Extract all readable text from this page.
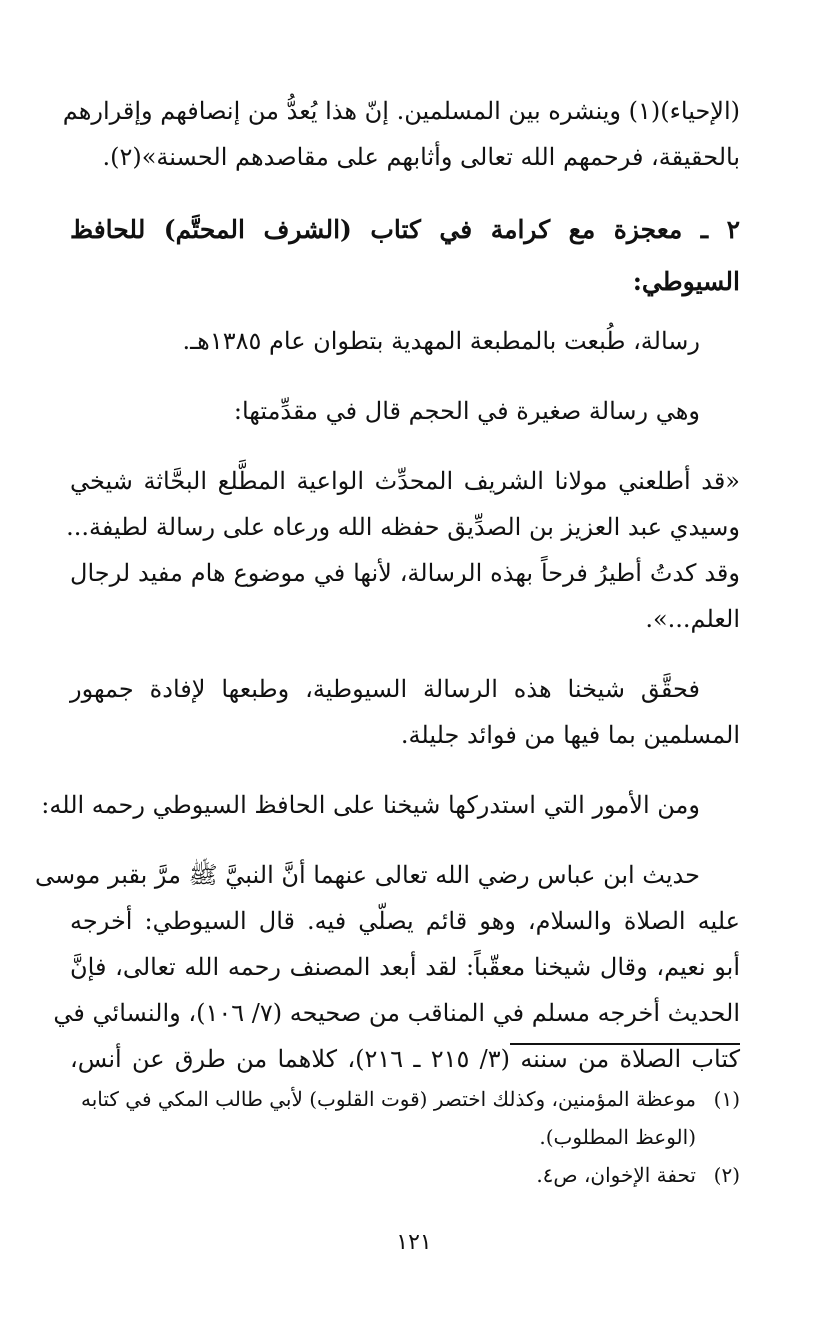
(الإحياء)(١) وينشره بين المسلمين. إنّ هذا يُعدُّ من إنصافهم وإقرارهم
بالحقيقة، فرحمهم الله تعالى وأثابهم على مقاصدهم الحسنة»(٢).
٢ ـ معجزة مع كرامة في كتاب (الشرف المحتَّم) للحافظ
السيوطي:
رسالة، طُبعت بالمطبعة المهدية بتطوان عام ١٣٨٥هـ.
وهي رسالة صغيرة في الحجم قال في مقدِّمتها:
«قد أطلعني مولانا الشريف المحدِّث الواعية المطَّلع البحَّاثة شيخي
وسيدي عبد العزيز بن الصدِّيق حفظه الله ورعاه على رسالة لطيفة...
وقد كدتُ أطيرُ فرحاً بهذه الرسالة، لأنها في موضوع هام مفيد لرجال
العلم...».
فحقَّق شيخنا هذه الرسالة السيوطية، وطبعها لإفادة جمهور
المسلمين بما فيها من فوائد جليلة.
ومن الأمور التي استدركها شيخنا على الحافظ السيوطي رحمه الله:
حديث ابن عباس رضي الله تعالى عنهما أنَّ النبيَّ ﷺ مرَّ بقبر موسى
عليه الصلاة والسلام، وهو قائم يصلّي فيه. قال السيوطي: أخرجه
أبو نعيم، وقال شيخنا معقّباً: لقد أبعد المصنف رحمه الله تعالى، فإنَّ
الحديث أخرجه مسلم في المناقب من صحيحه (٧/ ١٠٦)، والنسائي في
كتاب الصلاة من سننه (٣/ ٢١٥ ـ ٢١٦)، كلاهما من طرق عن أنس،
(١)موعظة المؤمنين، وكذلك اختصر (قوت القلوب) لأبي طالب المكي في كتابه
(الوعظ المطلوب).
(٢)تحفة الإخوان، ص٤.
١٢١
